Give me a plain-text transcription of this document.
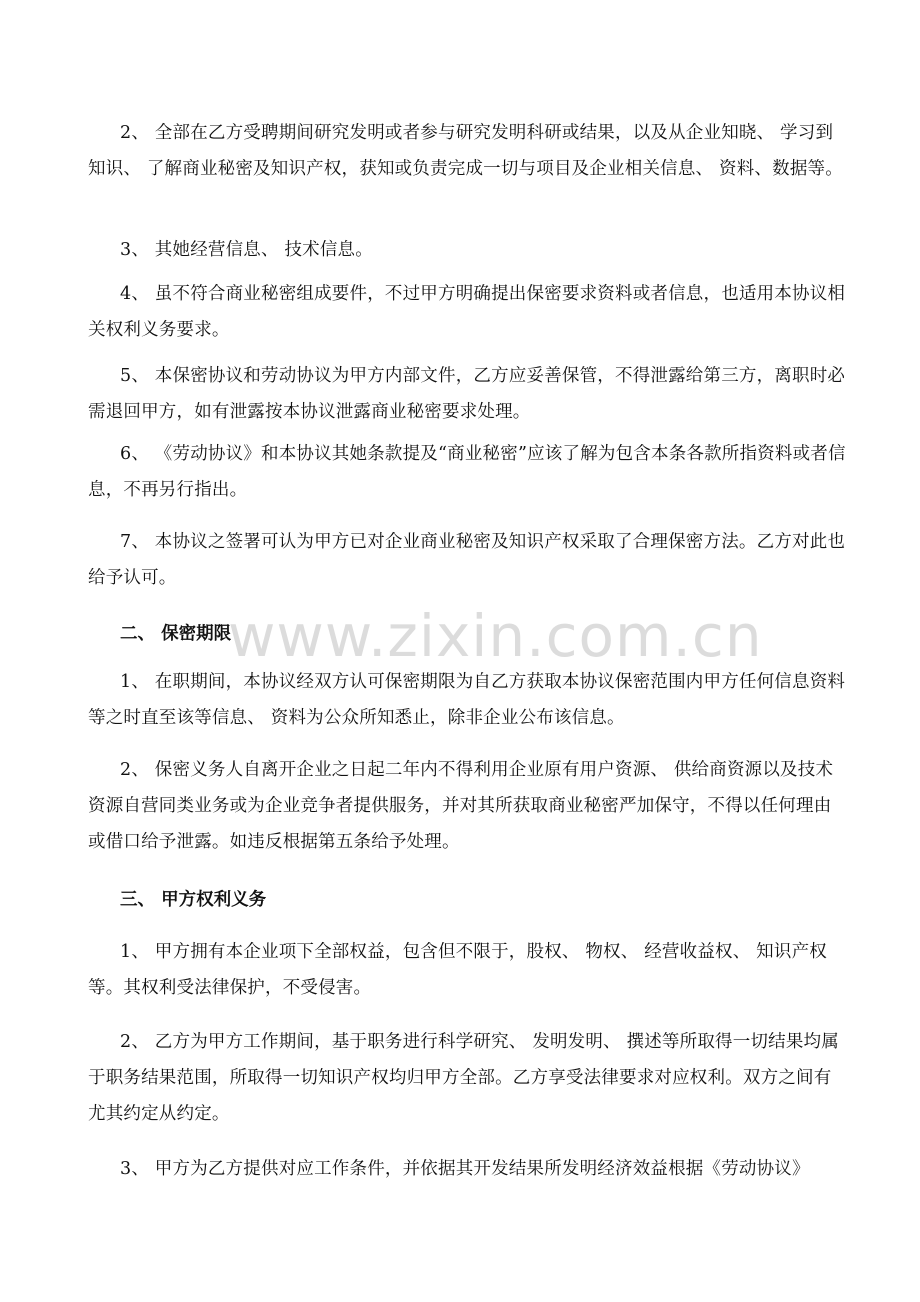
www.zixin.com.cn

2、 全部在乙方受聘期间研究发明或者参与研究发明科研或结果，以及从企业知晓、 学习到知识、 了解商业秘密及知识产权，获知或负责完成一切与项目及企业相关信息、 资料、数据等。

3、 其她经营信息、 技术信息。

4、 虽不符合商业秘密组成要件，不过甲方明确提出保密要求资料或者信息，也适用本协议相关权利义务要求。

5、 本保密协议和劳动协议为甲方内部文件，乙方应妥善保管，不得泄露给第三方，离职时必需退回甲方，如有泄露按本协议泄露商业秘密要求处理。

6、 《劳动协议》和本协议其她条款提及“商业秘密”应该了解为包含本条各款所指资料或者信息，不再另行指出。

7、 本协议之签署可认为甲方已对企业商业秘密及知识产权采取了合理保密方法。乙方对此也给予认可。

二、 保密期限

1、 在职期间，本协议经双方认可保密期限为自乙方获取本协议保密范围内甲方任何信息资料等之时直至该等信息、 资料为公众所知悉止，除非企业公布该信息。

2、 保密义务人自离开企业之日起二年内不得利用企业原有用户资源、 供给商资源以及技术资源自营同类业务或为企业竞争者提供服务，并对其所获取商业秘密严加保守，不得以任何理由或借口给予泄露。如违反根据第五条给予处理。

三、 甲方权利义务

1、 甲方拥有本企业项下全部权益，包含但不限于，股权、 物权、 经营收益权、 知识产权等。其权利受法律保护，不受侵害。

2、 乙方为甲方工作期间，基于职务进行科学研究、 发明发明、 撰述等所取得一切结果均属于职务结果范围，所取得一切知识产权均归甲方全部。乙方享受法律要求对应权利。双方之间有尤其约定从约定。

3、 甲方为乙方提供对应工作条件，并依据其开发结果所发明经济效益根据《劳动协议》
